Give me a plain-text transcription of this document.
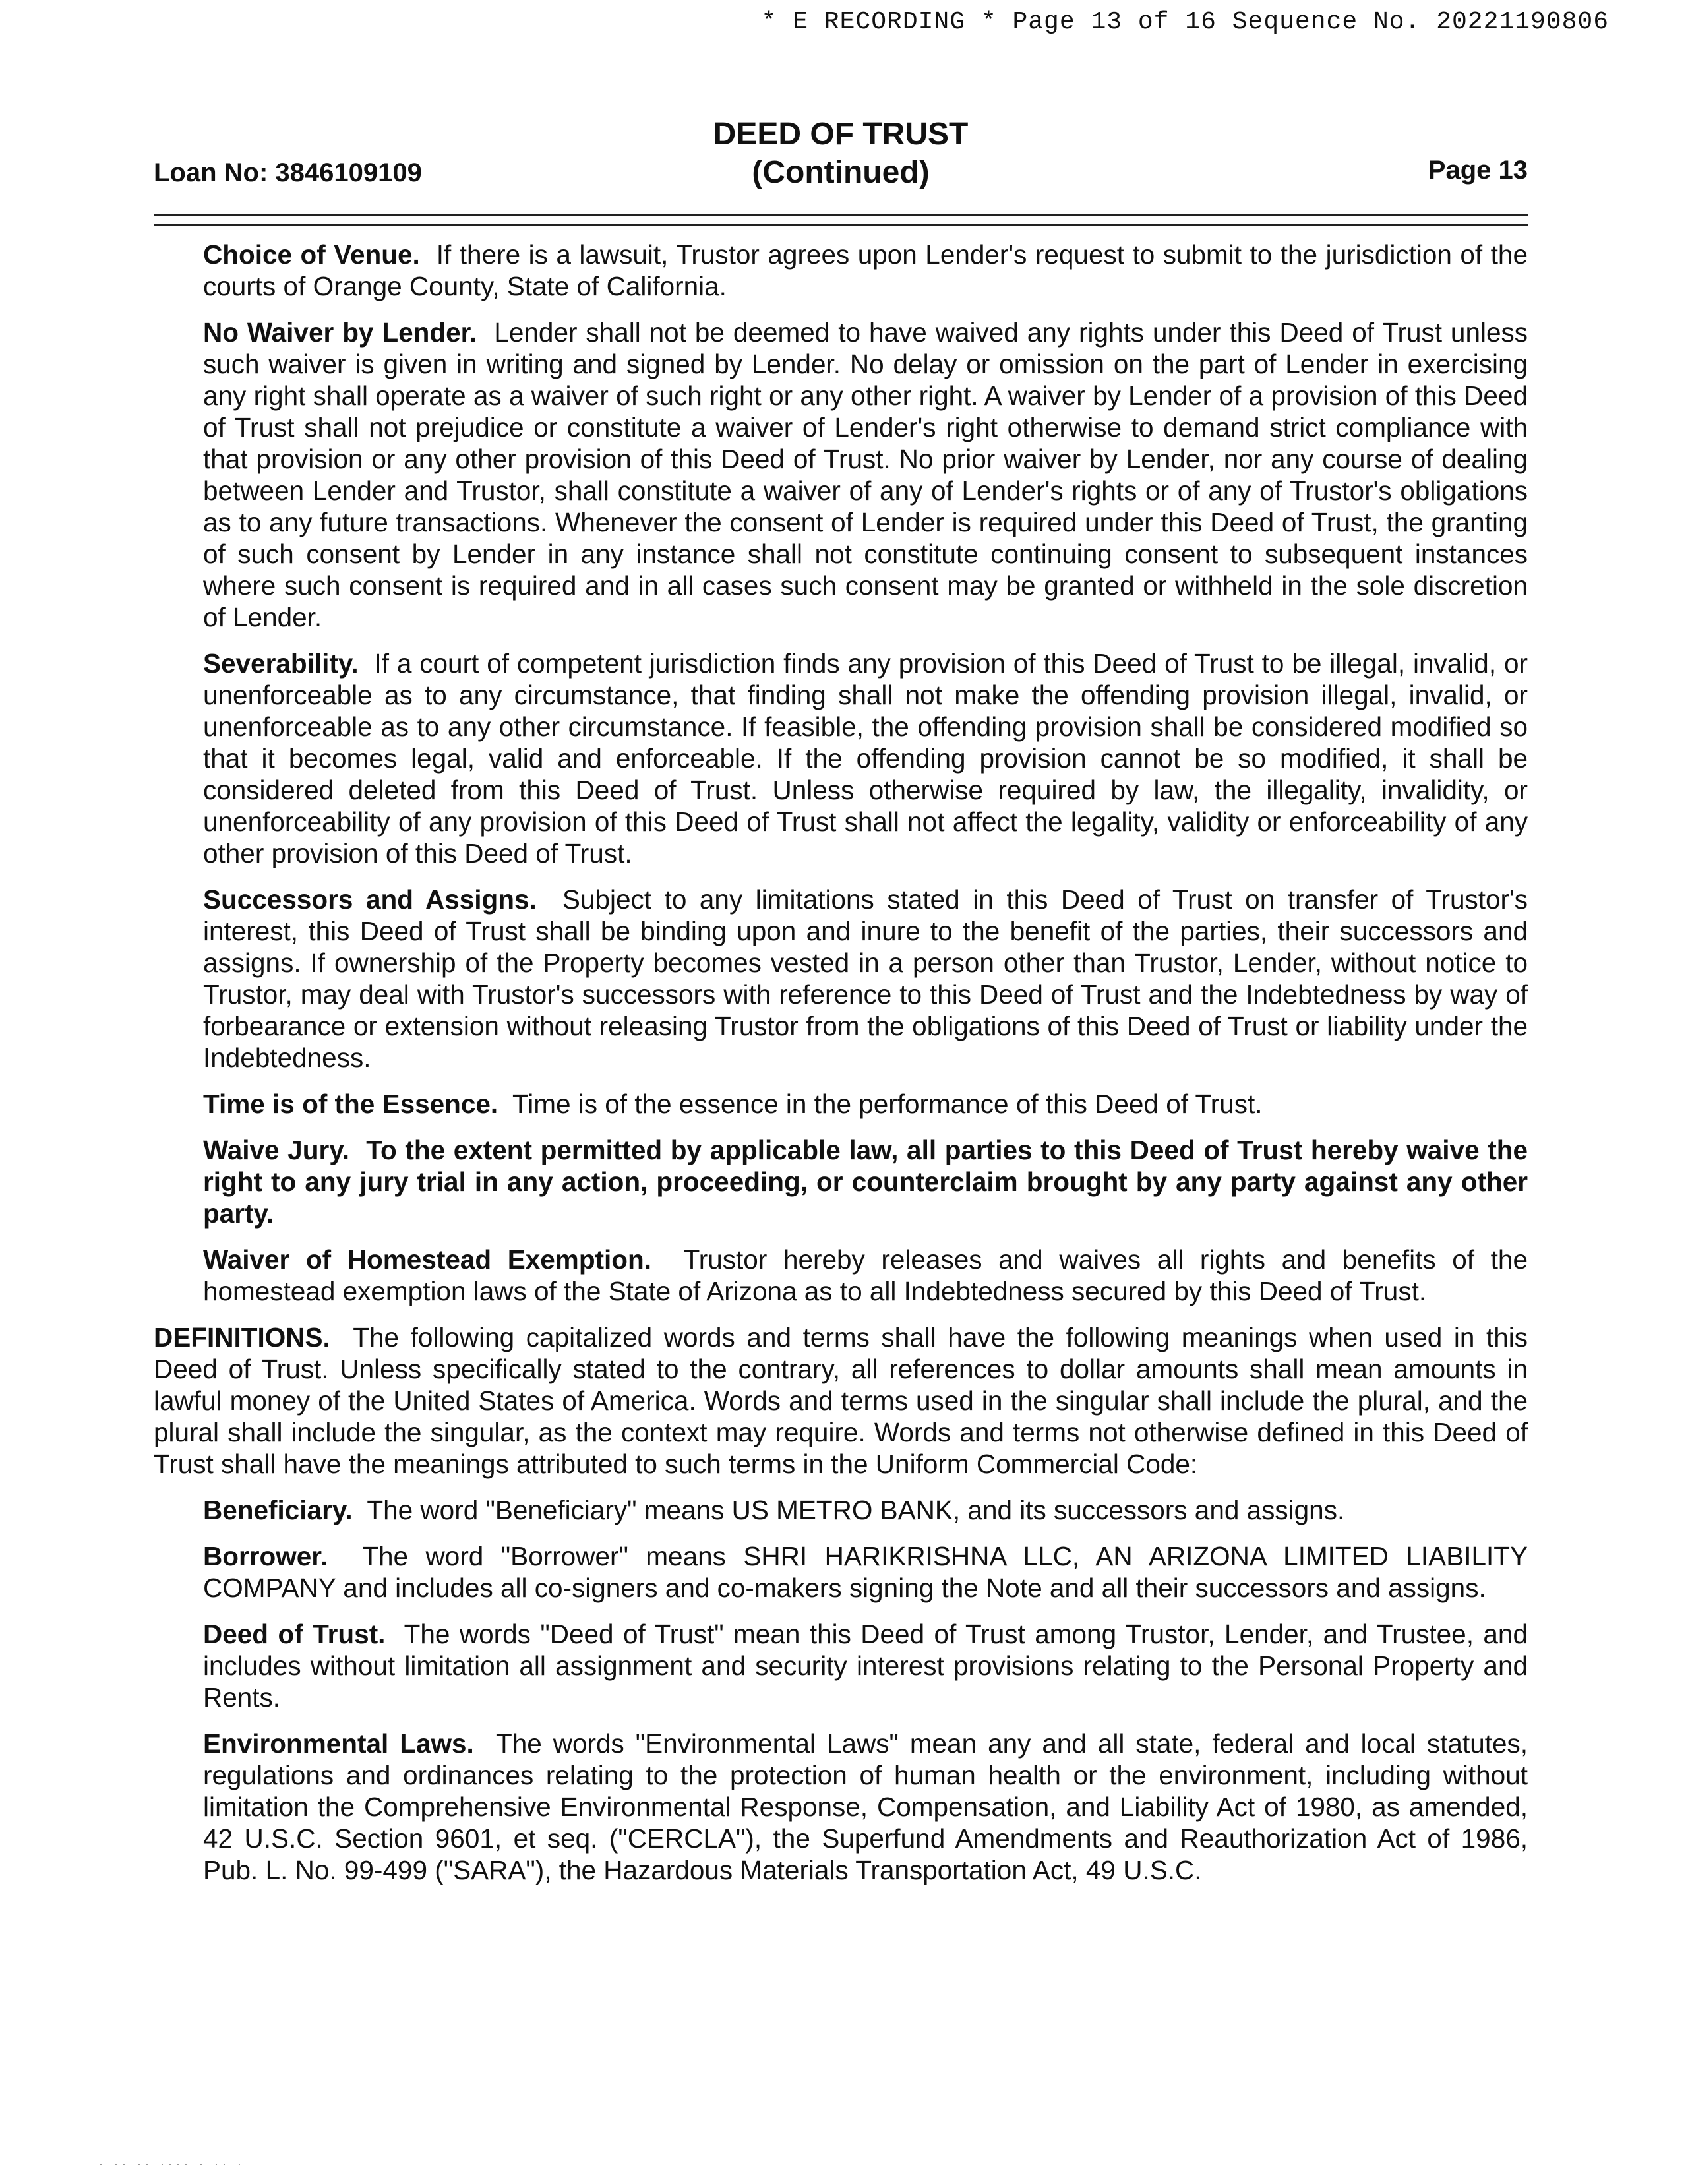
* E RECORDING * Page 13 of 16 Sequence No. 20221190806
Loan No: 3846109109
DEED OF TRUST
(Continued)	Page 13

Choice of Venue. If there is a lawsuit, Trustor agrees upon Lender's request to submit to the jurisdiction of the courts of Orange County, State of California.

No Waiver by Lender. Lender shall not be deemed to have waived any rights under this Deed of Trust unless such waiver is given in writing and signed by Lender. No delay or omission on the part of Lender in exercising any right shall operate as a waiver of such right or any other right. A waiver by Lender of a provision of this Deed of Trust shall not prejudice or constitute a waiver of Lender's right otherwise to demand strict compliance with that provision or any other provision of this Deed of Trust. No prior waiver by Lender, nor any course of dealing between Lender and Trustor, shall constitute a waiver of any of Lender's rights or of any of Trustor's obligations as to any future transactions. Whenever the consent of Lender is required under this Deed of Trust, the granting of such consent by Lender in any instance shall not constitute continuing consent to subsequent instances where such consent is required and in all cases such consent may be granted or withheld in the sole discretion of Lender.

Severability. If a court of competent jurisdiction finds any provision of this Deed of Trust to be illegal, invalid, or unenforceable as to any circumstance, that finding shall not make the offending provision illegal, invalid, or unenforceable as to any other circumstance. If feasible, the offending provision shall be considered modified so that it becomes legal, valid and enforceable. If the offending provision cannot be so modified, it shall be considered deleted from this Deed of Trust. Unless otherwise required by law, the illegality, invalidity, or unenforceability of any provision of this Deed of Trust shall not affect the legality, validity or enforceability of any other provision of this Deed of Trust.

Successors and Assigns. Subject to any limitations stated in this Deed of Trust on transfer of Trustor's interest, this Deed of Trust shall be binding upon and inure to the benefit of the parties, their successors and assigns. If ownership of the Property becomes vested in a person other than Trustor, Lender, without notice to Trustor, may deal with Trustor's successors with reference to this Deed of Trust and the Indebtedness by way of forbearance or extension without releasing Trustor from the obligations of this Deed of Trust or liability under the Indebtedness.

Time is of the Essence. Time is of the essence in the performance of this Deed of Trust.

Waive Jury. To the extent permitted by applicable law, all parties to this Deed of Trust hereby waive the right to any jury trial in any action, proceeding, or counterclaim brought by any party against any other party.

Waiver of Homestead Exemption. Trustor hereby releases and waives all rights and benefits of the homestead exemption laws of the State of Arizona as to all Indebtedness secured by this Deed of Trust.

DEFINITIONS. The following capitalized words and terms shall have the following meanings when used in this Deed of Trust. Unless specifically stated to the contrary, all references to dollar amounts shall mean amounts in lawful money of the United States of America. Words and terms used in the singular shall include the plural, and the plural shall include the singular, as the context may require. Words and terms not otherwise defined in this Deed of Trust shall have the meanings attributed to such terms in the Uniform Commercial Code:

Beneficiary. The word "Beneficiary" means US METRO BANK, and its successors and assigns.

Borrower. The word "Borrower" means SHRI HARIKRISHNA LLC, AN ARIZONA LIMITED LIABILITY COMPANY and includes all co-signers and co-makers signing the Note and all their successors and assigns.

Deed of Trust. The words "Deed of Trust" mean this Deed of Trust among Trustor, Lender, and Trustee, and includes without limitation all assignment and security interest provisions relating to the Personal Property and Rents.

Environmental Laws. The words "Environmental Laws" mean any and all state, federal and local statutes, regulations and ordinances relating to the protection of human health or the environment, including without limitation the Comprehensive Environmental Response, Compensation, and Liability Act of 1980, as amended, 42 U.S.C. Section 9601, et seq. ("CERCLA"), the Superfund Amendments and Reauthorization Act of 1986, Pub. L. No. 99-499 ("SARA"), the Hazardous Materials Transportation Act, 49 U.S.C.

· ·· ·· ···· · ·· ·
